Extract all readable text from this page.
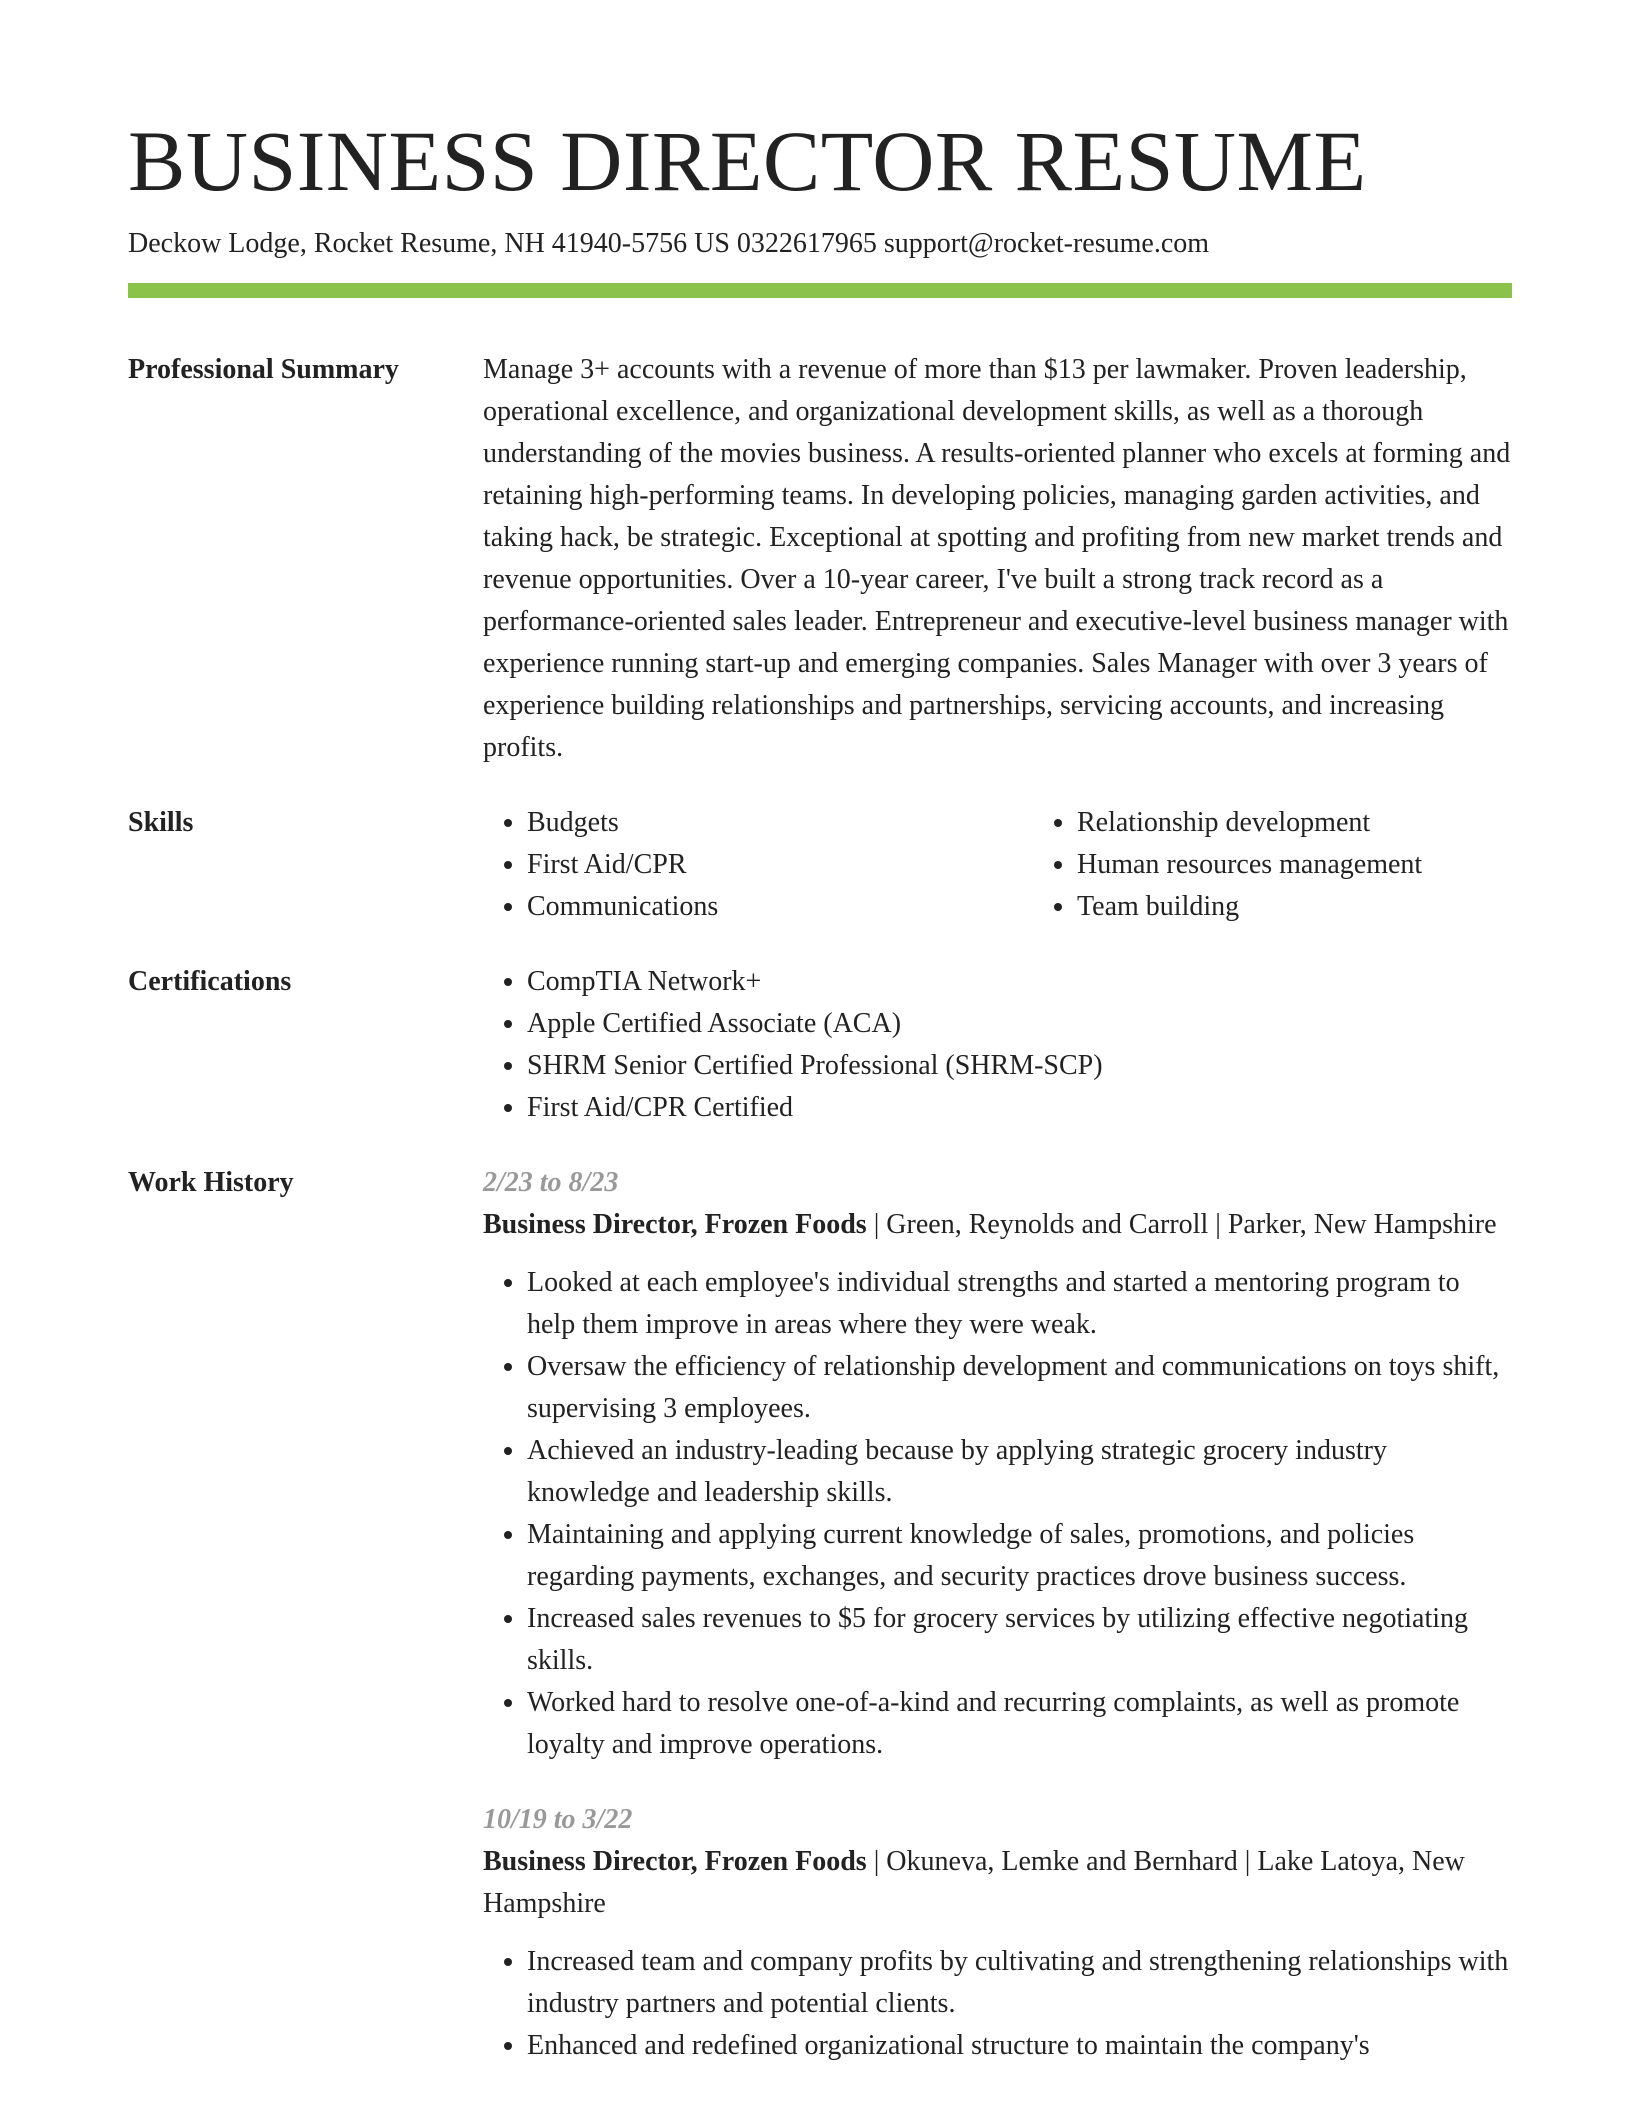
BUSINESS DIRECTOR RESUME
Deckow Lodge, Rocket Resume, NH 41940-5756 US 0322617965 support@rocket-resume.com
Professional Summary	Manage 3+ accounts with a revenue of more than $13 per lawmaker. Proven leadership, operational excellence, and organizational development skills, as well as a thorough understanding of the movies business. A results-oriented planner who excels at forming and retaining high-performing teams. In developing policies, managing garden activities, and taking hack, be strategic. Exceptional at spotting and profiting from new market trends and revenue opportunities. Over a 10-year career, I've built a strong track record as a performance-oriented sales leader. Entrepreneur and executive-level business manager with experience running start-up and emerging companies. Sales Manager with over 3 years of experience building relationships and partnerships, servicing accounts, and increasing profits.

Skills	• Budgets
• First Aid/CPR
• Communications
• Relationship development
• Human resources management
• Team building
Certifications	• CompTIA Network+
• Apple Certified Associate (ACA)
• SHRM Senior Certified Professional (SHRM-SCP)
• First Aid/CPR Certified
Work History	2/23 to 8/23

Business Director, Frozen Foods | Green, Reynolds and Carroll | Parker, New Hampshire

• Looked at each employee's individual strengths and started a mentoring program to help them improve in areas where they were weak.
• Oversaw the efficiency of relationship development and communications on toys shift, supervising 3 employees.
• Achieved an industry-leading because by applying strategic grocery industry knowledge and leadership skills.
• Maintaining and applying current knowledge of sales, promotions, and policies regarding payments, exchanges, and security practices drove business success.
• Increased sales revenues to $5 for grocery services by utilizing effective negotiating skills.
• Worked hard to resolve one-of-a-kind and recurring complaints, as well as promote loyalty and improve operations.
10/19 to 3/22

Business Director, Frozen Foods | Okuneva, Lemke and Bernhard | Lake Latoya, New Hampshire

• Increased team and company profits by cultivating and strengthening relationships with industry partners and potential clients.
• Enhanced and redefined organizational structure to maintain the company's
